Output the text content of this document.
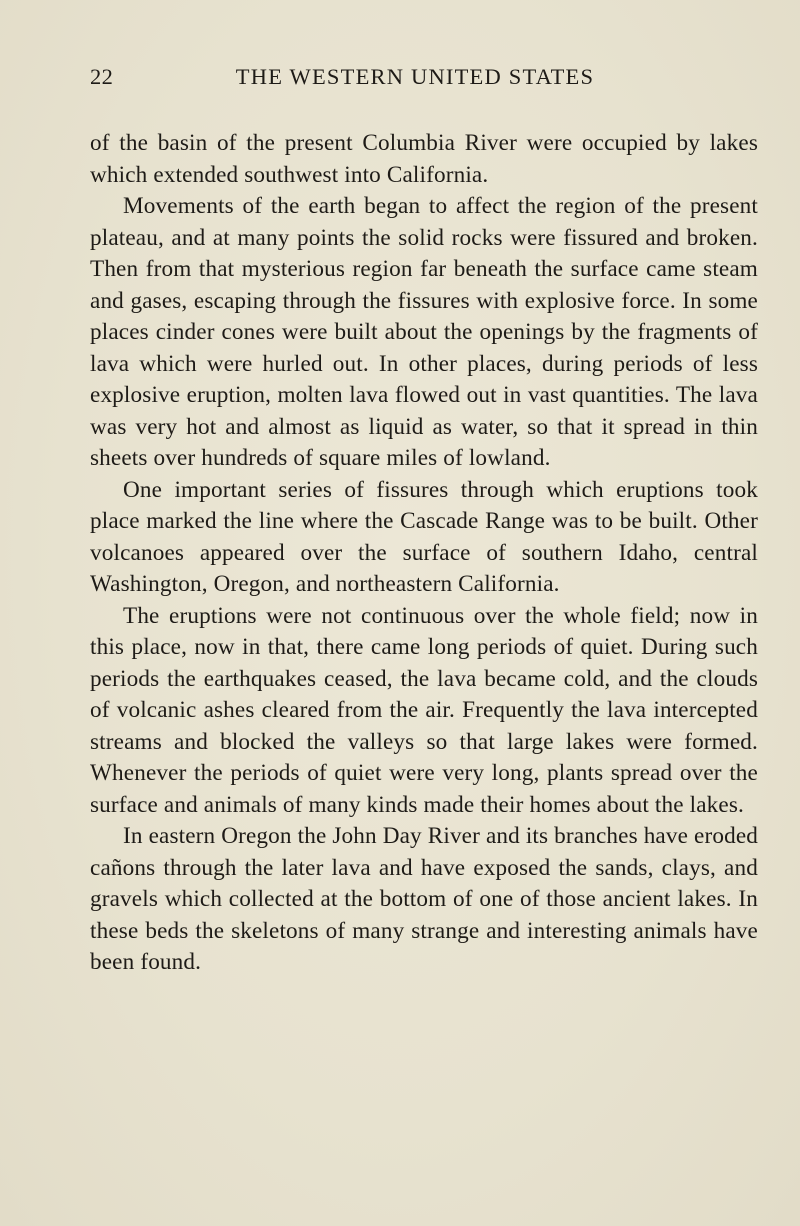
22	THE WESTERN UNITED STATES

of the basin of the present Columbia River were occupied by lakes which extended southwest into California.

Movements of the earth began to affect the region of the present plateau, and at many points the solid rocks were fissured and broken. Then from that mysterious region far beneath the surface came steam and gases, escaping through the fissures with explosive force. In some places cinder cones were built about the openings by the fragments of lava which were hurled out. In other places, during periods of less explosive eruption, molten lava flowed out in vast quantities. The lava was very hot and almost as liquid as water, so that it spread in thin sheets over hundreds of square miles of lowland.

One important series of fissures through which eruptions took place marked the line where the Cascade Range was to be built. Other volcanoes appeared over the surface of southern Idaho, central Washington, Oregon, and northeastern California.

The eruptions were not continuous over the whole field; now in this place, now in that, there came long periods of quiet. During such periods the earthquakes ceased, the lava became cold, and the clouds of volcanic ashes cleared from the air. Frequently the lava intercepted streams and blocked the valleys so that large lakes were formed. Whenever the periods of quiet were very long, plants spread over the surface and animals of many kinds made their homes about the lakes.

In eastern Oregon the John Day River and its branches have eroded cañons through the later lava and have exposed the sands, clays, and gravels which collected at the bottom of one of those ancient lakes. In these beds the skeletons of many strange and interesting animals have been found.
